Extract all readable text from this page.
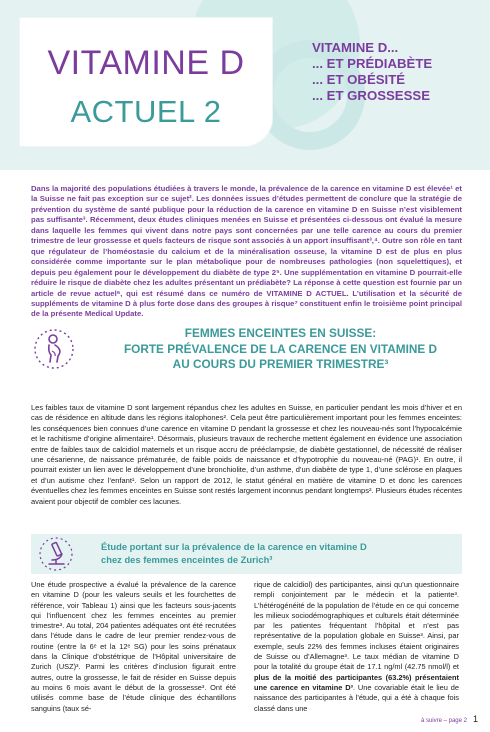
VITAMINE D
ACTUEL 2
VITAMINE D...
... ET PRÉDIABÈTE
... ET OBÉSITÉ
... ET GROSSESSE

Dans la majorité des populations étudiées à travers le monde, la prévalence de la carence en vitamine D est élevée¹ et la Suisse ne fait pas exception sur ce sujet². Les données issues d’études permettent de conclure que la stratégie de prévention du système de santé publique pour la réduction de la carence en vitamine D en Suisse n’est visiblement pas suffisante³. Récemment, deux études cliniques menées en Suisse et présentées ci-dessous ont évalué la mesure dans laquelle les femmes qui vivent dans notre pays sont concernées par une telle carence au cours du premier trimestre de leur grossesse et quels facteurs de risque sont associés à un apport insuffisant³,⁴. Outre son rôle en tant que régulateur de l’homéostasie du calcium et de la minéralisation osseuse, la vitamine D est de plus en plus considérée comme importante sur le plan métabolique pour de nombreuses pathologies (non squelettiques), et depuis peu également pour le développement du diabète de type 2⁵. Une supplémentation en vitamine D pourrait-elle réduire le risque de diabète chez les adultes présentant un prédiabète? La réponse à cette question est fournie par un article de revue actuel⁶, qui est résumé dans ce numéro de VITAMINE D ACTUEL. L’utilisation et la sécurité de suppléments de vitamine D à plus forte dose dans des groupes à risque⁷ constituent enfin le troisième point principal de la présente Medical Update.

FEMMES ENCEINTES EN SUISSE:
FORTE PRÉVALENCE DE LA CARENCE EN VITAMINE D
AU COURS DU PREMIER TRIMESTRE³

Les faibles taux de vitamine D sont largement répandus chez les adultes en Suisse, en particulier pendant les mois d’hiver et en cas de résidence en altitude dans les régions italophones². Cela peut être particulièrement important pour les femmes enceintes: les conséquences bien connues d’une carence en vitamine D pendant la grossesse et chez les nouveau-nés sont l’hypocalcémie et le rachitisme d’origine alimentaire¹. Désormais, plusieurs travaux de recherche mettent également en évidence une association entre de faibles taux de calcidiol maternels et un risque accru de prééclampsie, de diabète gestationnel, de nécessité de réaliser une césarienne, de naissance prématurée, de faible poids de naissance et d’hypotrophie du nouveau-né (PAG)¹. En outre, il pourrait exister un lien avec le développement d’une bronchiolite, d’un asthme, d’un diabète de type 1, d’une sclérose en plaques et d’un autisme chez l’enfant¹. Selon un rapport de 2012, le statut général en matière de vitamine D et donc les carences éventuelles chez les femmes enceintes en Suisse sont restés largement inconnus pendant longtemps². Plusieurs études récentes avaient pour objectif de combler ces lacunes.

Étude portant sur la prévalence de la carence en vitamine D
chez des femmes enceintes de Zurich³

Une étude prospective a évalué la prévalence de la carence en vitamine D (pour les valeurs seuils et les fourchettes de référence, voir Tableau 1) ainsi que les facteurs sous-jacents qui l’influencent chez les femmes enceintes au premier trimestre³. Au total, 204 patientes adéquates ont été recrutées dans l’étude dans le cadre de leur premier rendez-vous de routine (entre la 6ᵉ et la 12ᵉ SG) pour les soins prénataux dans la Clinique d’obstétrique de l’Hôpital universitaire de Zurich (USZ)³. Parmi les critères d’inclusion figurait entre autres, outre la grossesse, le fait de résider en Suisse depuis au moins 6 mois avant le début de la grossesse³. Ont été utilisés comme base de l’étude clinique des échantillons sanguins (taux sé-

rique de calcidiol) des participantes, ainsi qu’un questionnaire rempli conjointement par le médecin et la patiente³. L’hétérogénéité de la population de l’étude en ce qui concerne les milieux sociodémographiques et culturels était déterminée par les patientes fréquentant l’hôpital et n’est pas représentative de la population globale en Suisse³. Ainsi, par exemple, seuls 22% des femmes incluses étaient originaires de Suisse ou d’Allemagne³. Le taux médian de vitamine D pour la totalité du groupe était de 17.1 ng/ml (42.75 nmol/l) et plus de la moitié des participantes (63.2%) présentaient une carence en vitamine D³. Une covariable était le lieu de naissance des participantes à l’étude, qui a été à chaque fois classé dans une

à suivre – page 2 1
